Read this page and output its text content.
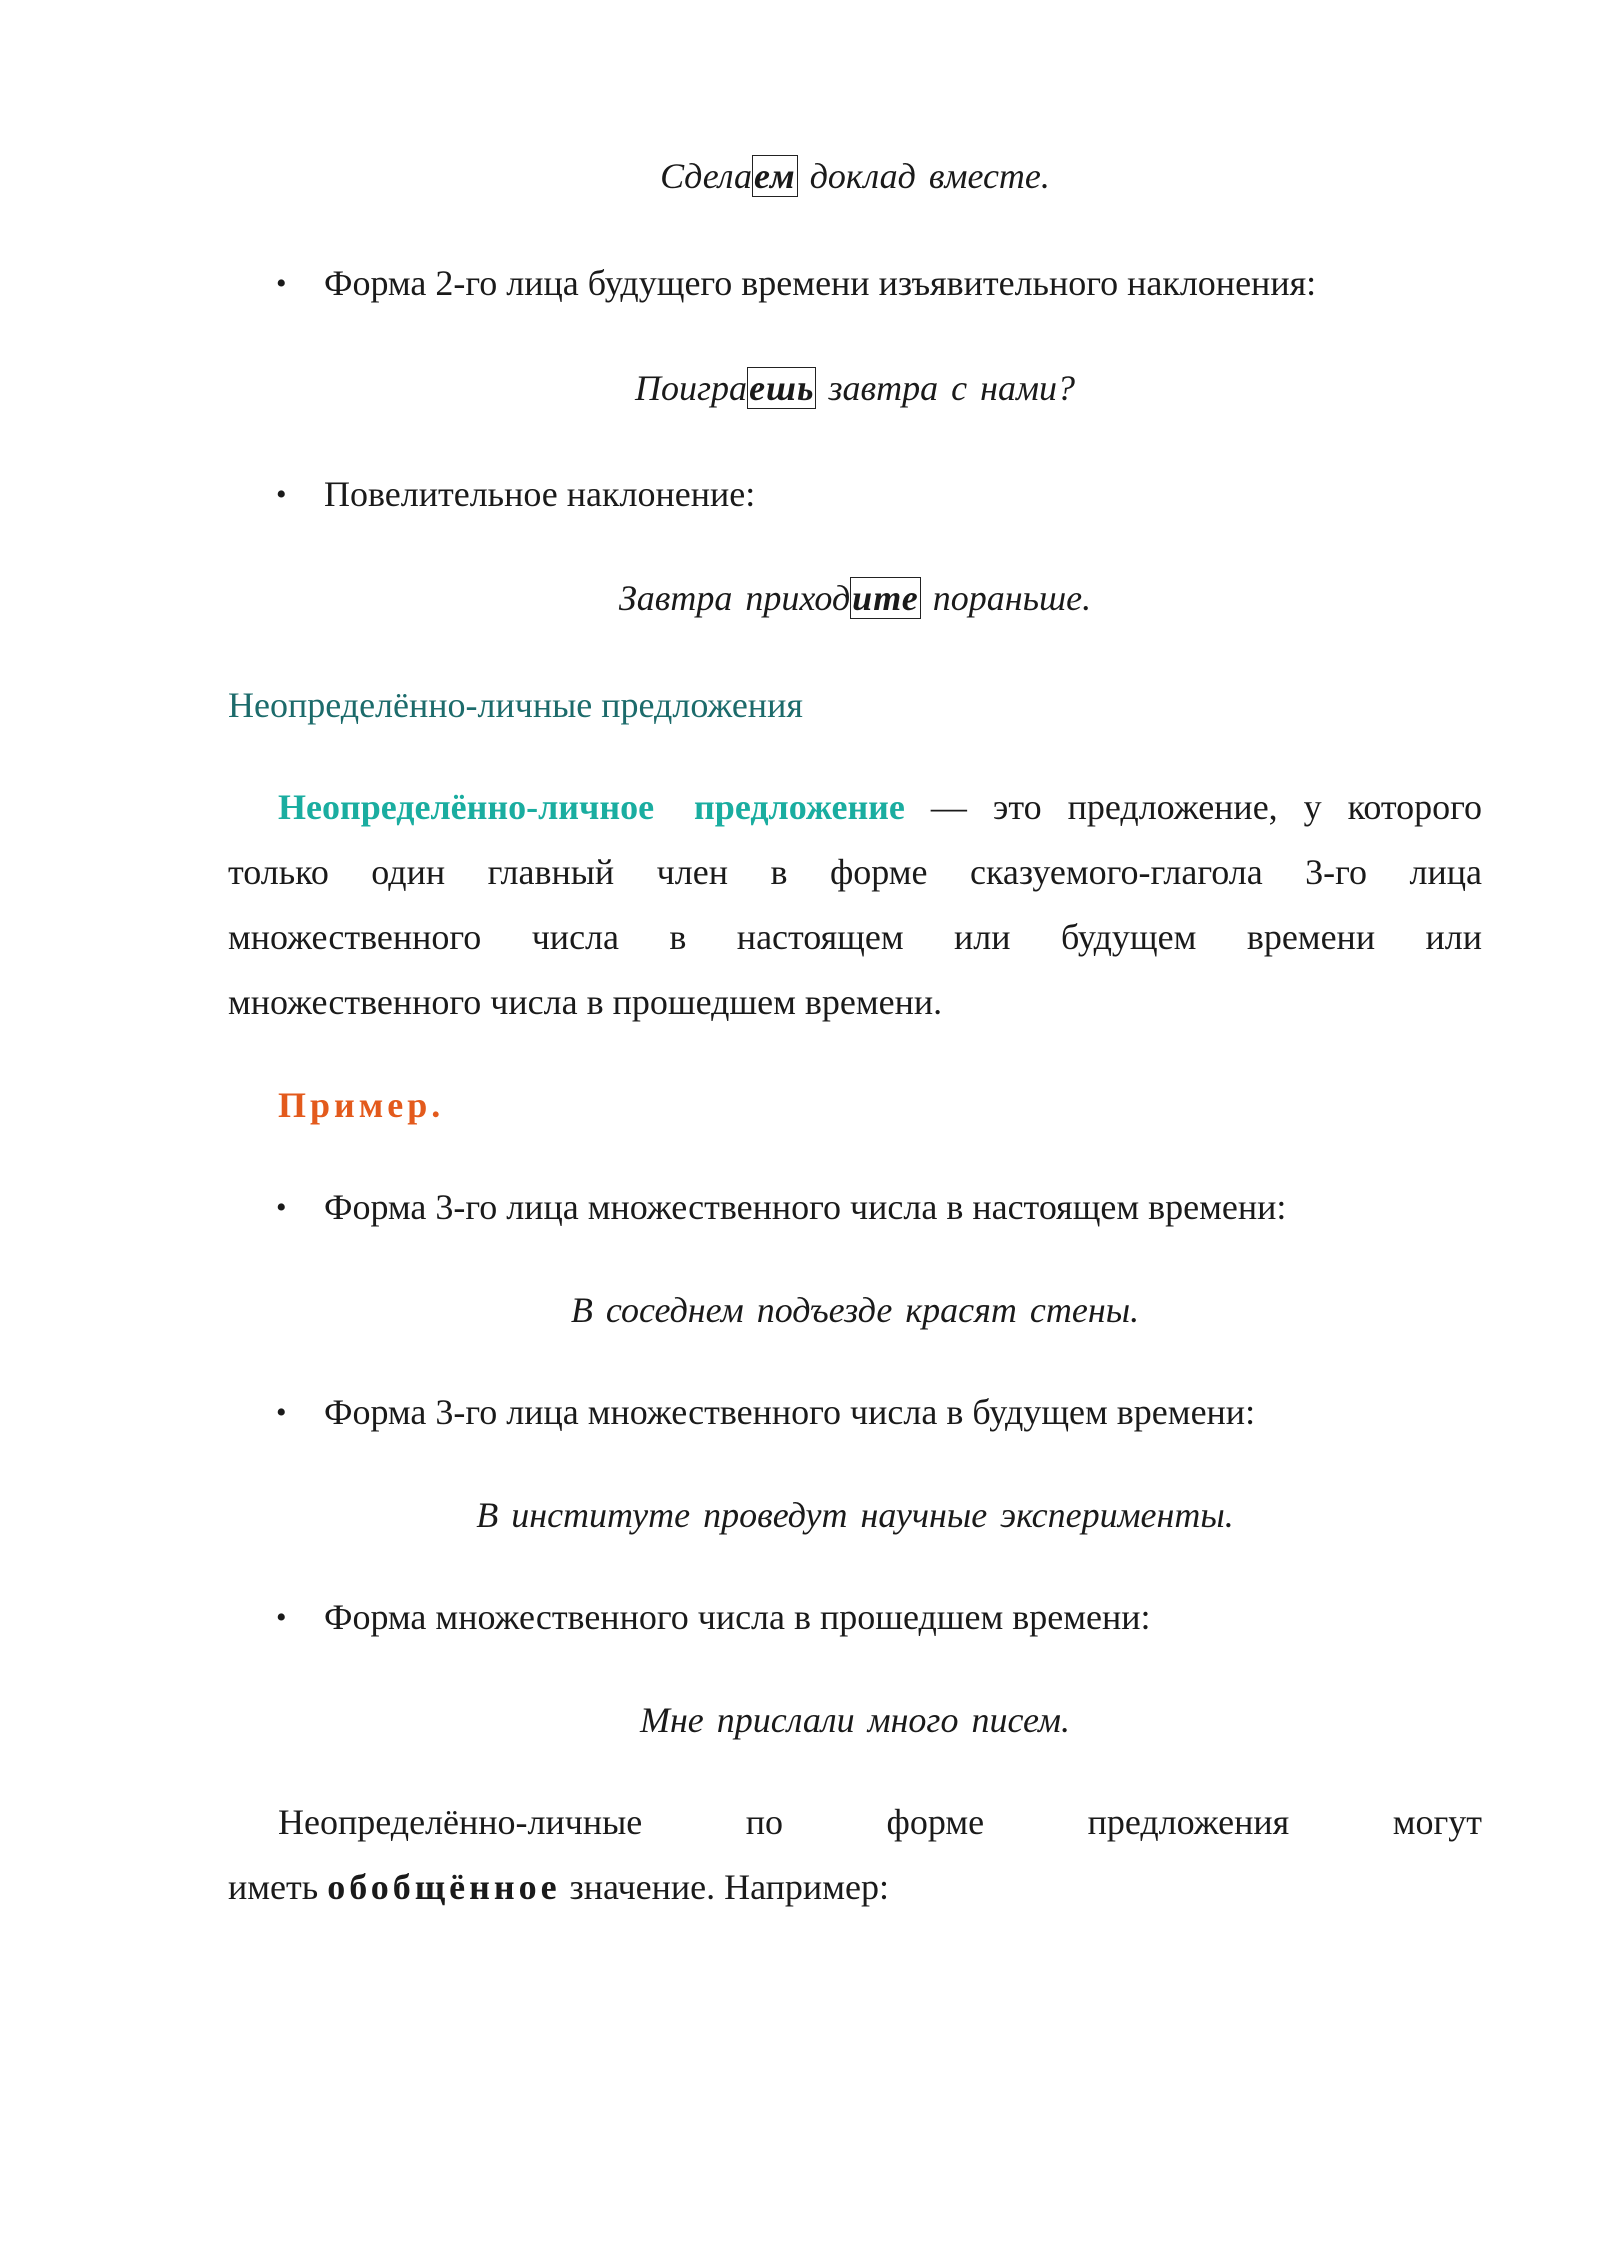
Сделаем доклад вместе.
• Форма 2-го лица будущего времени изъявительного наклонения:
Поиграешь завтра с нами?
• Повелительное наклонение:
Завтра приходите пораньше.
Неопределённо-личные предложения
Неопределённо-личное предложение — это предложение, у которого
только один главный член в форме сказуемого-глагола 3-го лица
множественного числа в настоящем или будущем времени или
множественного числа в прошедшем времени.
Пример.
• Форма 3-го лица множественного числа в настоящем времени:
В соседнем подъезде красят стены.
• Форма 3-го лица множественного числа в будущем времени:
В институте проведут научные эксперименты.
• Форма множественного числа в прошедшем времени:
Мне прислали много писем.
Неопределённо-личные по форме предложения могут
иметь обобщённое значение. Например:
